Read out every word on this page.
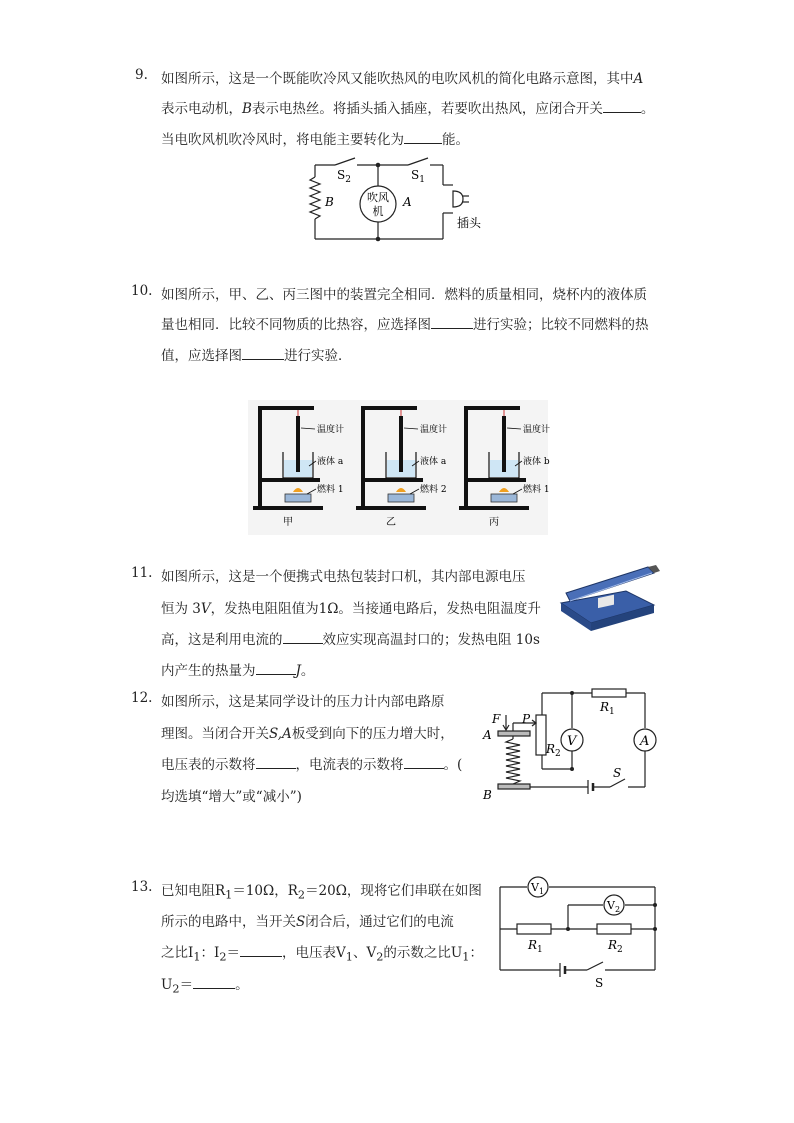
9. 如图所示，这是一个既能吹冷风又能吹热风的电吹风机的简化电路示意图，其中A
表示电动机，B表示电热丝。将插头插入插座，若要吹出热风，应闭合开关	。
当电吹风机吹冷风时，将电能主要转化为	能。
$S_2$	$S_1$
B	A
吹风
机
插头
10. 如图所示，甲、乙、丙三图中的装置完全相同．燃料的质量相同，烧杯内的液体质
量也相同．比较不同物质的比热容，应选择图	进行实验；比较不同燃料的热
值，应选择图	进行实验．
温度计
液体 a
燃料 1
甲
温度计
液体 a
燃料 2
乙
温度计
液体 b
燃料 1
丙
11. 如图所示，这是一个便携式电热包装封口机，其内部电源电压
恒为 3V，发热电阻阻值为1Ω。当接通电路后，发热电阻温度升
高，这是利用电流的	效应实现高温封口的；发热电阻 10s
内产生的热量为	J。
12. 如图所示，这是某同学设计的压力计内部电路原
理图。当闭合开关S,A板受到向下的压力增大时，
电压表的示数将	，电流表的示数将	。(
均选填“增大”或“减小”)
V	A
$R_1$
$R_2$
F P
A
B
S
13. 已知电阻$R_1=10\Omega$，$R_2=20\Omega$，现将它们串联在如图
所示的电路中，当开关S闭合后，通过它们的电流
之比$I_1$：$I_2=$	，电压表$V_1$、$V_2$的示数之比$U_1$：
$U_2=$	。
$V_1$
$V_2$
$R_1$	$R_2$
S
